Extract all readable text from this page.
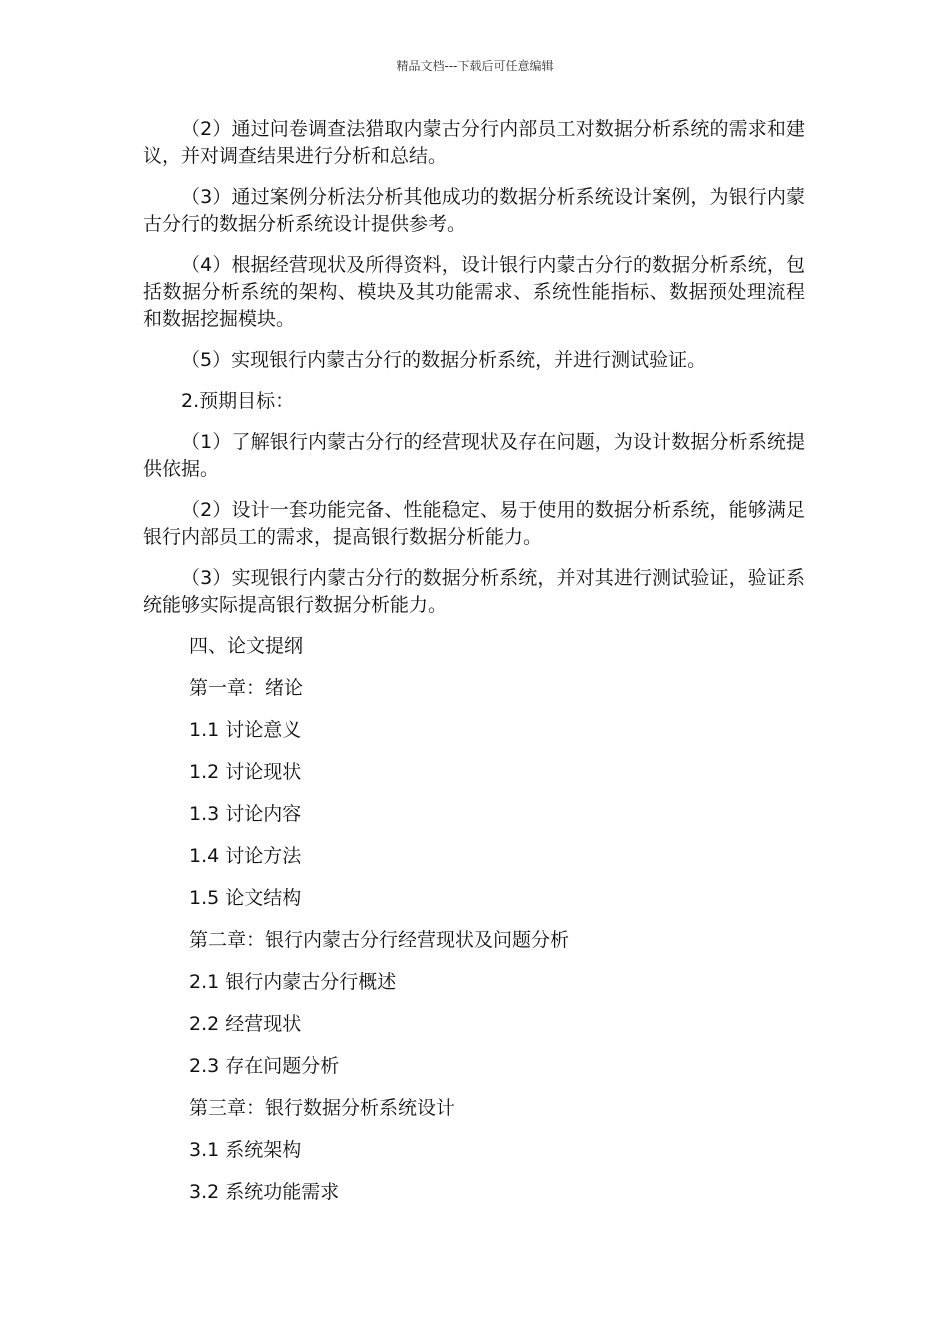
精品文档---下载后可任意编辑

（2）通过问卷调查法猎取内蒙古分行内部员工对数据分析系统的需求和建议，并对调查结果进行分析和总结。

（3）通过案例分析法分析其他成功的数据分析系统设计案例，为银行内蒙古分行的数据分析系统设计提供参考。

（4）根据经营现状及所得资料，设计银行内蒙古分行的数据分析系统，包括数据分析系统的架构、模块及其功能需求、系统性能指标、数据预处理流程和数据挖掘模块。

（5）实现银行内蒙古分行的数据分析系统，并进行测试验证。

2.预期目标：

（1）了解银行内蒙古分行的经营现状及存在问题，为设计数据分析系统提供依据。

（2）设计一套功能完备、性能稳定、易于使用的数据分析系统，能够满足银行内部员工的需求，提高银行数据分析能力。

（3）实现银行内蒙古分行的数据分析系统，并对其进行测试验证，验证系统能够实际提高银行数据分析能力。

四、论文提纲

第一章：绪论

1.1 讨论意义

1.2 讨论现状

1.3 讨论内容

1.4 讨论方法

1.5 论文结构

第二章：银行内蒙古分行经营现状及问题分析

2.1 银行内蒙古分行概述

2.2 经营现状

2.3 存在问题分析

第三章：银行数据分析系统设计

3.1 系统架构

3.2 系统功能需求
